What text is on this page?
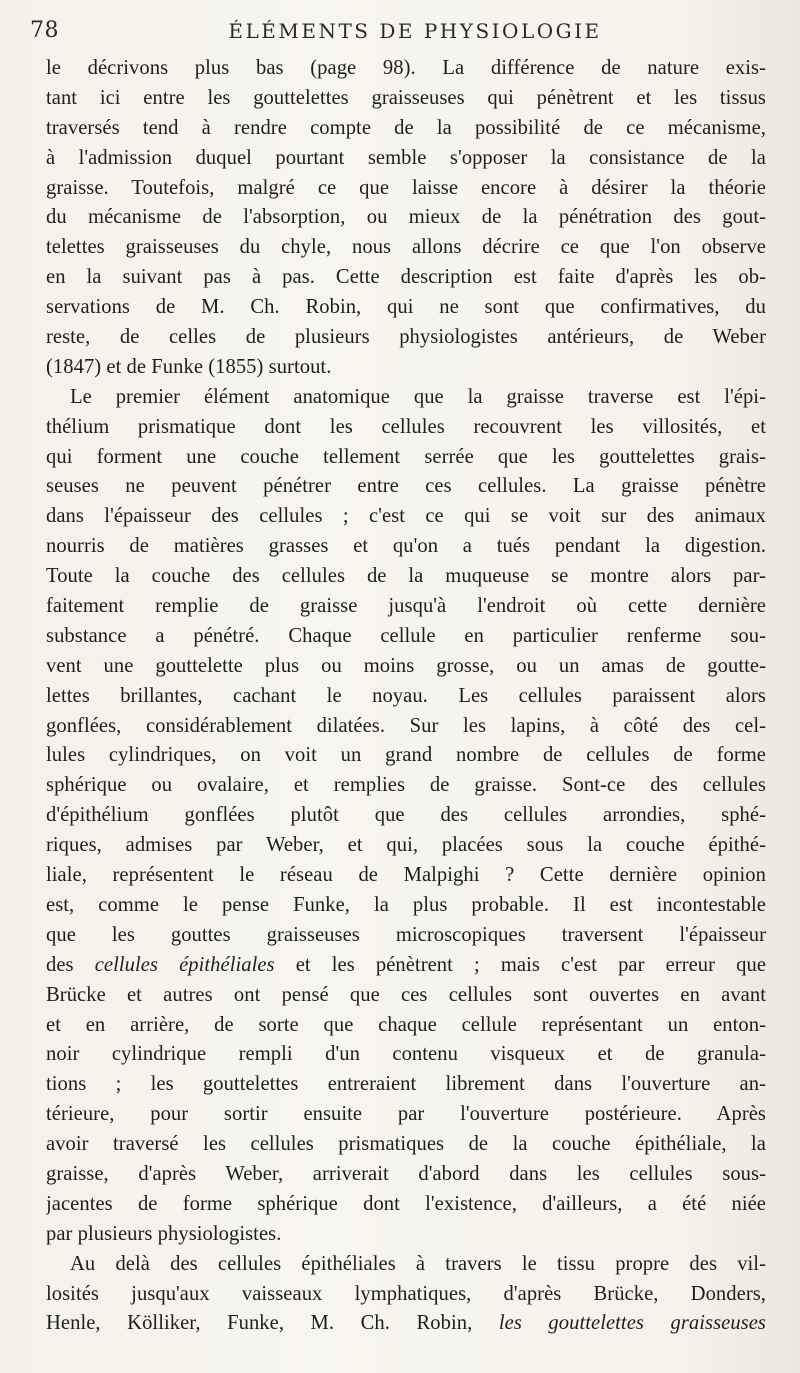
78	ÉLÉMENTS DE PHYSIOLOGIE
le décrivons plus bas (page 98). La différence de nature exis-
tant ici entre les gouttelettes graisseuses qui pénètrent et les tissus
traversés tend à rendre compte de la possibilité de ce mécanisme,
à l'admission duquel pourtant semble s'opposer la consistance de la
graisse. Toutefois, malgré ce que laisse encore à désirer la théorie
du mécanisme de l'absorption, ou mieux de la pénétration des gout-
telettes graisseuses du chyle, nous allons décrire ce que l'on observe
en la suivant pas à pas. Cette description est faite d'après les ob-
servations de M. Ch. Robin, qui ne sont que confirmatives, du
reste, de celles de plusieurs physiologistes antérieurs, de Weber
(1847) et de Funke (1855) surtout.
Le premier élément anatomique que la graisse traverse est l'épi-
thélium prismatique dont les cellules recouvrent les villosités, et
qui forment une couche tellement serrée que les gouttelettes grais-
seuses ne peuvent pénétrer entre ces cellules. La graisse pénètre
dans l'épaisseur des cellules ; c'est ce qui se voit sur des animaux
nourris de matières grasses et qu'on a tués pendant la digestion.
Toute la couche des cellules de la muqueuse se montre alors par-
faitement remplie de graisse jusqu'à l'endroit où cette dernière
substance a pénétré. Chaque cellule en particulier renferme sou-
vent une gouttelette plus ou moins grosse, ou un amas de goutte-
lettes brillantes, cachant le noyau. Les cellules paraissent alors
gonflées, considérablement dilatées. Sur les lapins, à côté des cel-
lules cylindriques, on voit un grand nombre de cellules de forme
sphérique ou ovalaire, et remplies de graisse. Sont-ce des cellules
d'épithélium gonflées plutôt que des cellules arrondies, sphé-
riques, admises par Weber, et qui, placées sous la couche épithé-
liale, représentent le réseau de Malpighi ? Cette dernière opinion
est, comme le pense Funke, la plus probable. Il est incontestable
que les gouttes graisseuses microscopiques traversent l'épaisseur
des cellules épithéliales et les pénètrent ; mais c'est par erreur que
Brücke et autres ont pensé que ces cellules sont ouvertes en avant
et en arrière, de sorte que chaque cellule représentant un enton-
noir cylindrique rempli d'un contenu visqueux et de granula-
tions ; les gouttelettes entreraient librement dans l'ouverture an-
térieure, pour sortir ensuite par l'ouverture postérieure. Après
avoir traversé les cellules prismatiques de la couche épithéliale, la
graisse, d'après Weber, arriverait d'abord dans les cellules sous-
jacentes de forme sphérique dont l'existence, d'ailleurs, a été niée
par plusieurs physiologistes.
Au delà des cellules épithéliales à travers le tissu propre des vil-
losités jusqu'aux vaisseaux lymphatiques, d'après Brücke, Donders,
Henle, Kölliker, Funke, M. Ch. Robin, les gouttelettes graisseuses
